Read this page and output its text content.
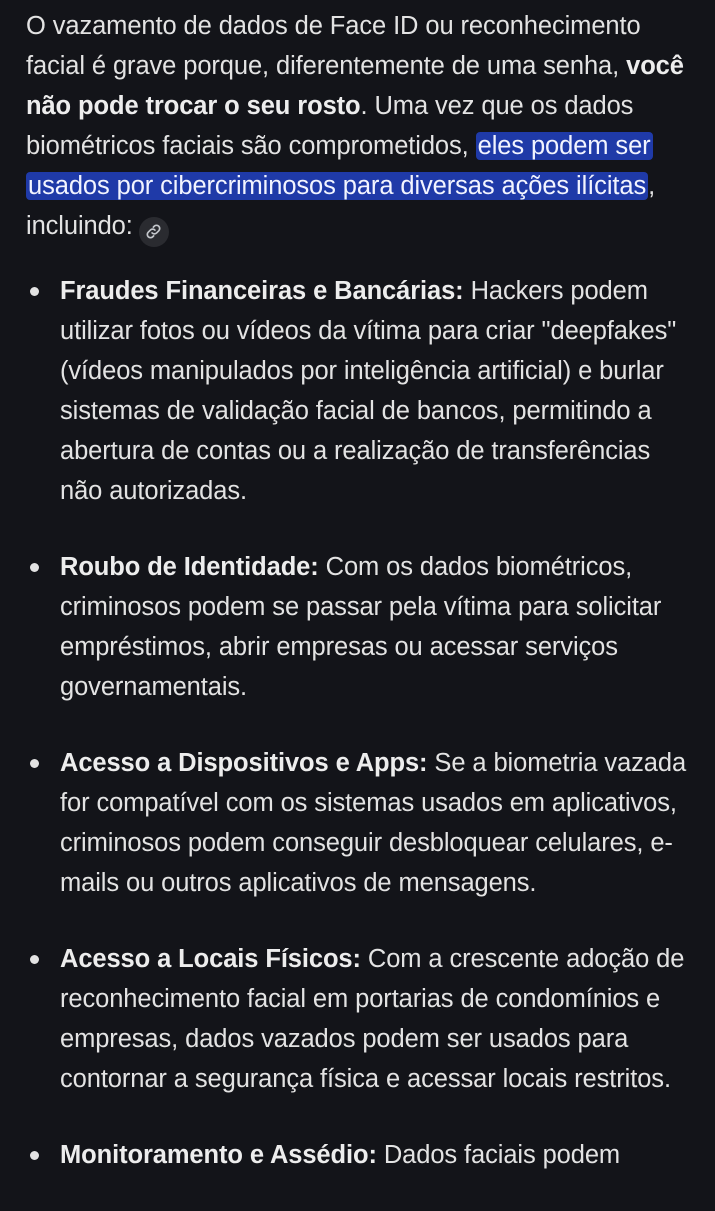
O vazamento de dados de Face ID ou reconhecimento facial é grave porque, diferentemente de uma senha, você não pode trocar o seu rosto. Uma vez que os dados biométricos faciais são comprometidos, eles podem ser usados por cibercriminosos para diversas ações ilícitas, incluindo:

Fraudes Financeiras e Bancárias: Hackers podem utilizar fotos ou vídeos da vítima para criar "deepfakes" (vídeos manipulados por inteligência artificial) e burlar sistemas de validação facial de bancos, permitindo a abertura de contas ou a realização de transferências não autorizadas.
Roubo de Identidade: Com os dados biométricos, criminosos podem se passar pela vítima para solicitar empréstimos, abrir empresas ou acessar serviços governamentais.
Acesso a Dispositivos e Apps: Se a biometria vazada for compatível com os sistemas usados em aplicativos, criminosos podem conseguir desbloquear celulares, e-mails ou outros aplicativos de mensagens.
Acesso a Locais Físicos: Com a crescente adoção de reconhecimento facial em portarias de condomínios e empresas, dados vazados podem ser usados para contornar a segurança física e acessar locais restritos.
Monitoramento e Assédio: Dados faciais podem
